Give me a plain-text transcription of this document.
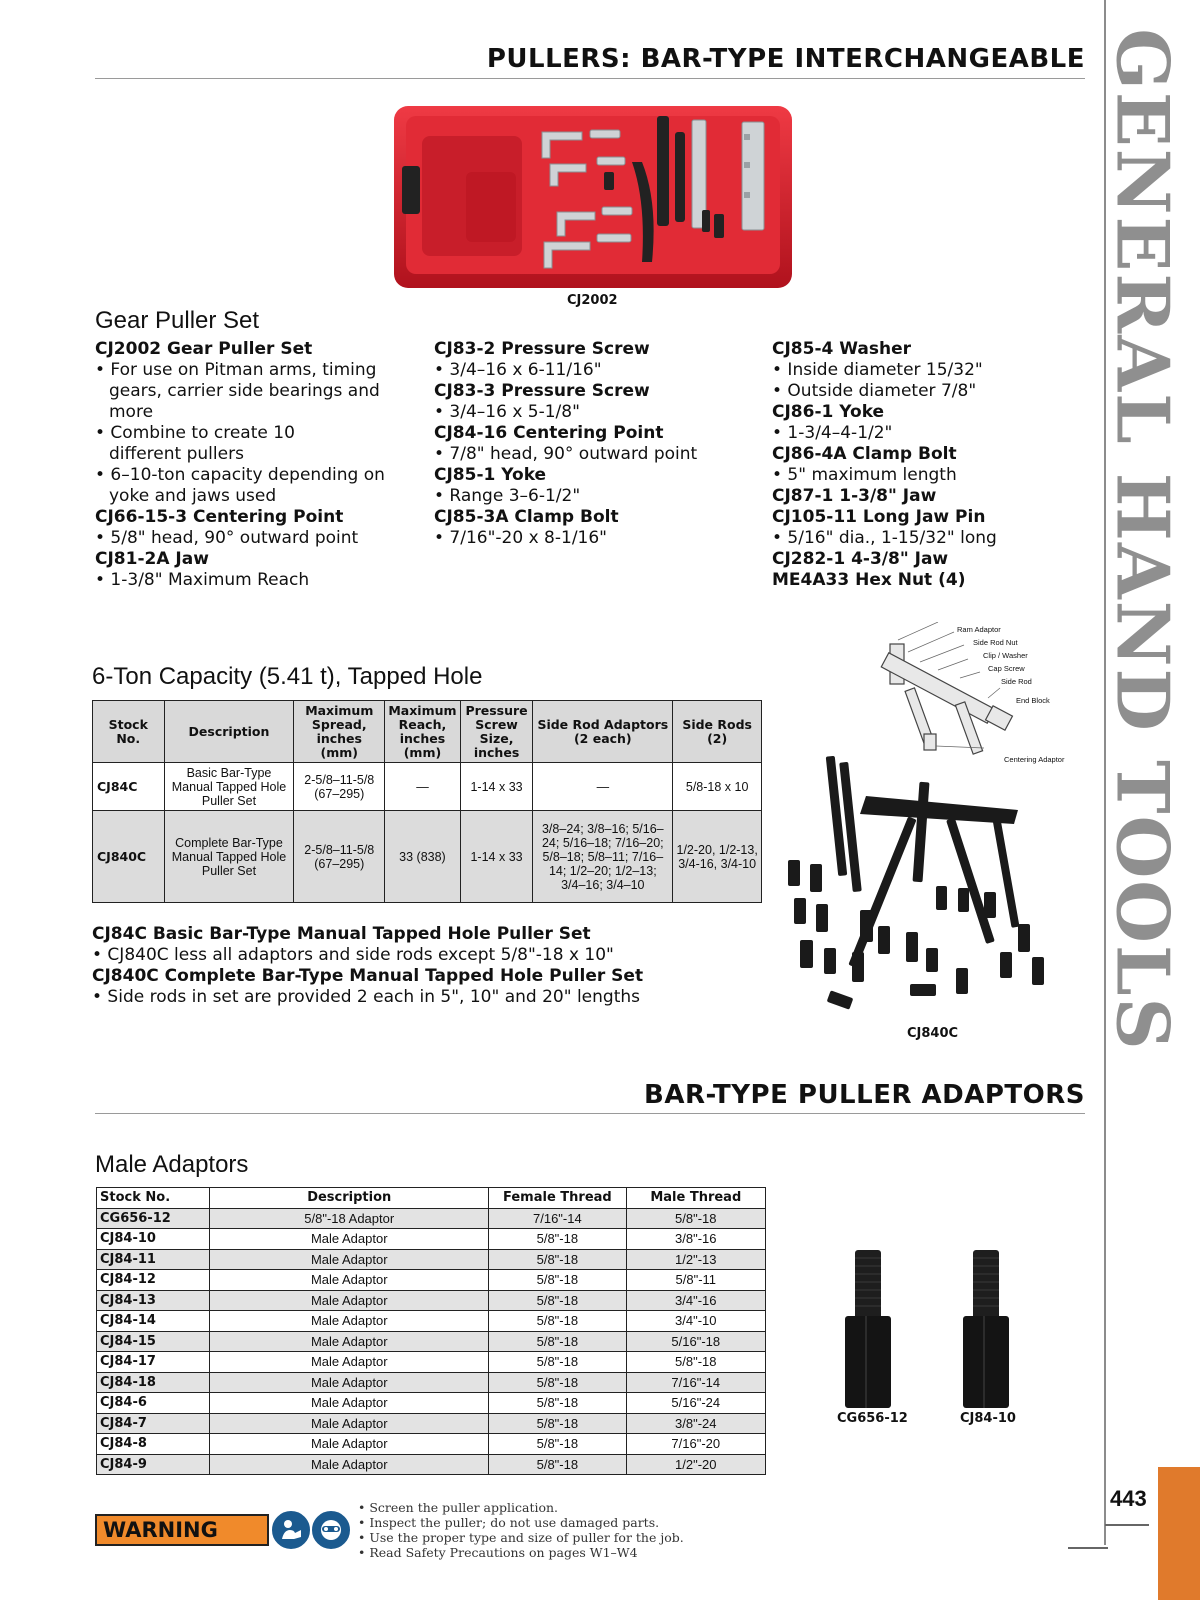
GENERAL HAND TOOLS
443
PULLERS: BAR-TYPE INTERCHANGEABLE
CJ2002
Gear Puller Set
CJ2002 Gear Puller Set
• For use on Pitman arms, timing gears, carrier side bearings and more
• Combine to create 10 different pullers
• 6–10-ton capacity depending on yoke and jaws used
CJ66-15-3 Centering Point
• 5/8" head, 90° outward point
CJ81-2A Jaw
• 1-3/8" Maximum Reach
CJ83-2 Pressure Screw
• 3/4–16 x 6-11/16"
CJ83-3 Pressure Screw
• 3/4–16 x 5-1/8"
CJ84-16 Centering Point
• 7/8" head, 90° outward point
CJ85-1 Yoke
• Range 3–6-1/2"
CJ85-3A Clamp Bolt
• 7/16"-20 x 8-1/16"
CJ85-4 Washer
• Inside diameter 15/32"
• Outside diameter 7/8"
CJ86-1 Yoke
• 1-3/4–4-1/2"
CJ86-4A Clamp Bolt
• 5" maximum length
CJ87-1 1-3/8" Jaw
CJ105-11 Long Jaw Pin
• 5/16" dia., 1-15/32" long
CJ282-1 4-3/8" Jaw
ME4A33 Hex Nut (4)
6-Ton Capacity (5.41 t), Tapped Hole
Stock No.	Description	Maximum Spread, inches (mm)	Maximum Reach, inches (mm)	Pressure Screw Size, inches	Side Rod Adaptors (2 each)	Side Rods (2)
CJ84C	Basic Bar-Type Manual Tapped Hole Puller Set	2-5/8–11-5/8 (67–295)	—	1-14 x 33	—	5/8-18 x 10
CJ840C	Complete Bar-Type Manual Tapped Hole Puller Set	2-5/8–11-5/8 (67–295)	33 (838)	1-14 x 33	3/8–24; 3/8–16; 5/16–24; 5/16–18; 7/16–20; 5/8–18; 5/8–11; 7/16–14; 1/2–20; 1/2–13; 3/4–16; 3/4–10	1/2-20, 1/2-13, 3/4-16, 3/4-10
CJ84C Basic Bar-Type Manual Tapped Hole Puller Set
• CJ840C less all adaptors and side rods except 5/8"-18 x 10"
CJ840C Complete Bar-Type Manual Tapped Hole Puller Set
• Side rods in set are provided 2 each in 5", 10" and 20" lengths
Ram Adaptor
Side Rod Nut
Clip / Washer
Cap Screw
Side Rod
End Block
Centering Adaptor
CJ840C
BAR-TYPE PULLER ADAPTORS
Male Adaptors
Stock No.	Description	Female Thread	Male Thread
CG656-12	5/8"-18 Adaptor	7/16"-14	5/8"-18
CJ84-10	Male Adaptor	5/8"-18	3/8"-16
CJ84-11	Male Adaptor	5/8"-18	1/2"-13
CJ84-12	Male Adaptor	5/8"-18	5/8"-11
CJ84-13	Male Adaptor	5/8"-18	3/4"-16
CJ84-14	Male Adaptor	5/8"-18	3/4"-10
CJ84-15	Male Adaptor	5/8"-18	5/16"-18
CJ84-17	Male Adaptor	5/8"-18	5/8"-18
CJ84-18	Male Adaptor	5/8"-18	7/16"-14
CJ84-6	Male Adaptor	5/8"-18	5/16"-24
CJ84-7	Male Adaptor	5/8"-18	3/8"-24
CJ84-8	Male Adaptor	5/8"-18	7/16"-20
CJ84-9	Male Adaptor	5/8"-18	1/2"-20
CG656-12	CJ84-10
WARNING
• Screen the puller application.
• Inspect the puller; do not use damaged parts.
• Use the proper type and size of puller for the job.
• Read Safety Precautions on pages W1–W4
